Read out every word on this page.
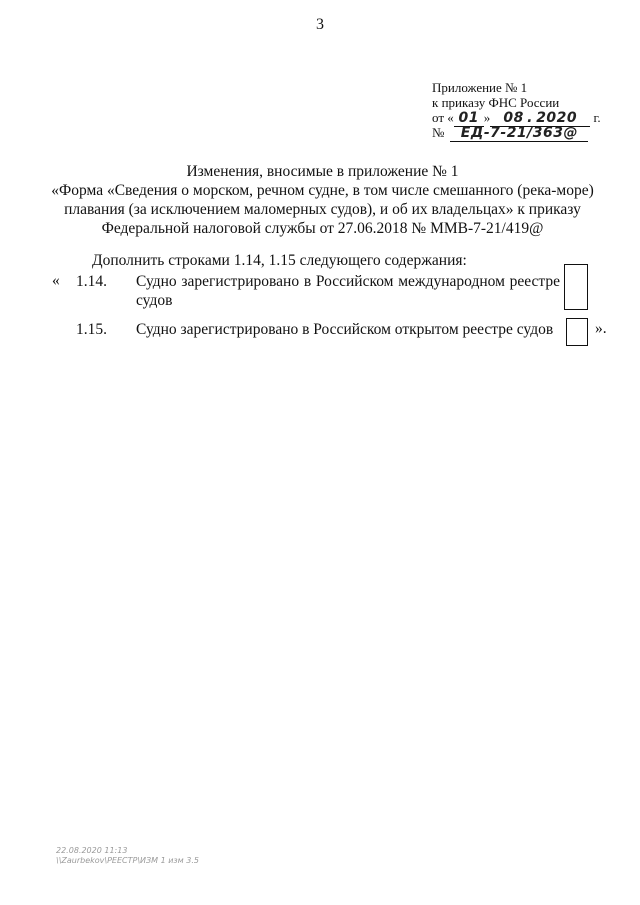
3
Приложение № 1
к приказу ФНС России
от « 01 » 08 . 2020 г.
№ ЕД-7-21/363@
Изменения, вносимые в приложение № 1
«Форма «Сведения о морском, речном судне, в том числе смешанного (река-море)
плавания (за исключением маломерных судов), и об их владельцах» к приказу
Федеральной налоговой службы от 27.06.2018 № ММВ-7-21/419@
Дополнить строками 1.14, 1.15 следующего содержания:
« 1.14. Судно зарегистрировано в Российском международном реестре
судов
1.15. Судно зарегистрировано в Российском открытом реестре судов	».
22.08.2020 11:13
\\Zaurbekov\РЕЕСТР\ИЗМ 1 изм 3.5
